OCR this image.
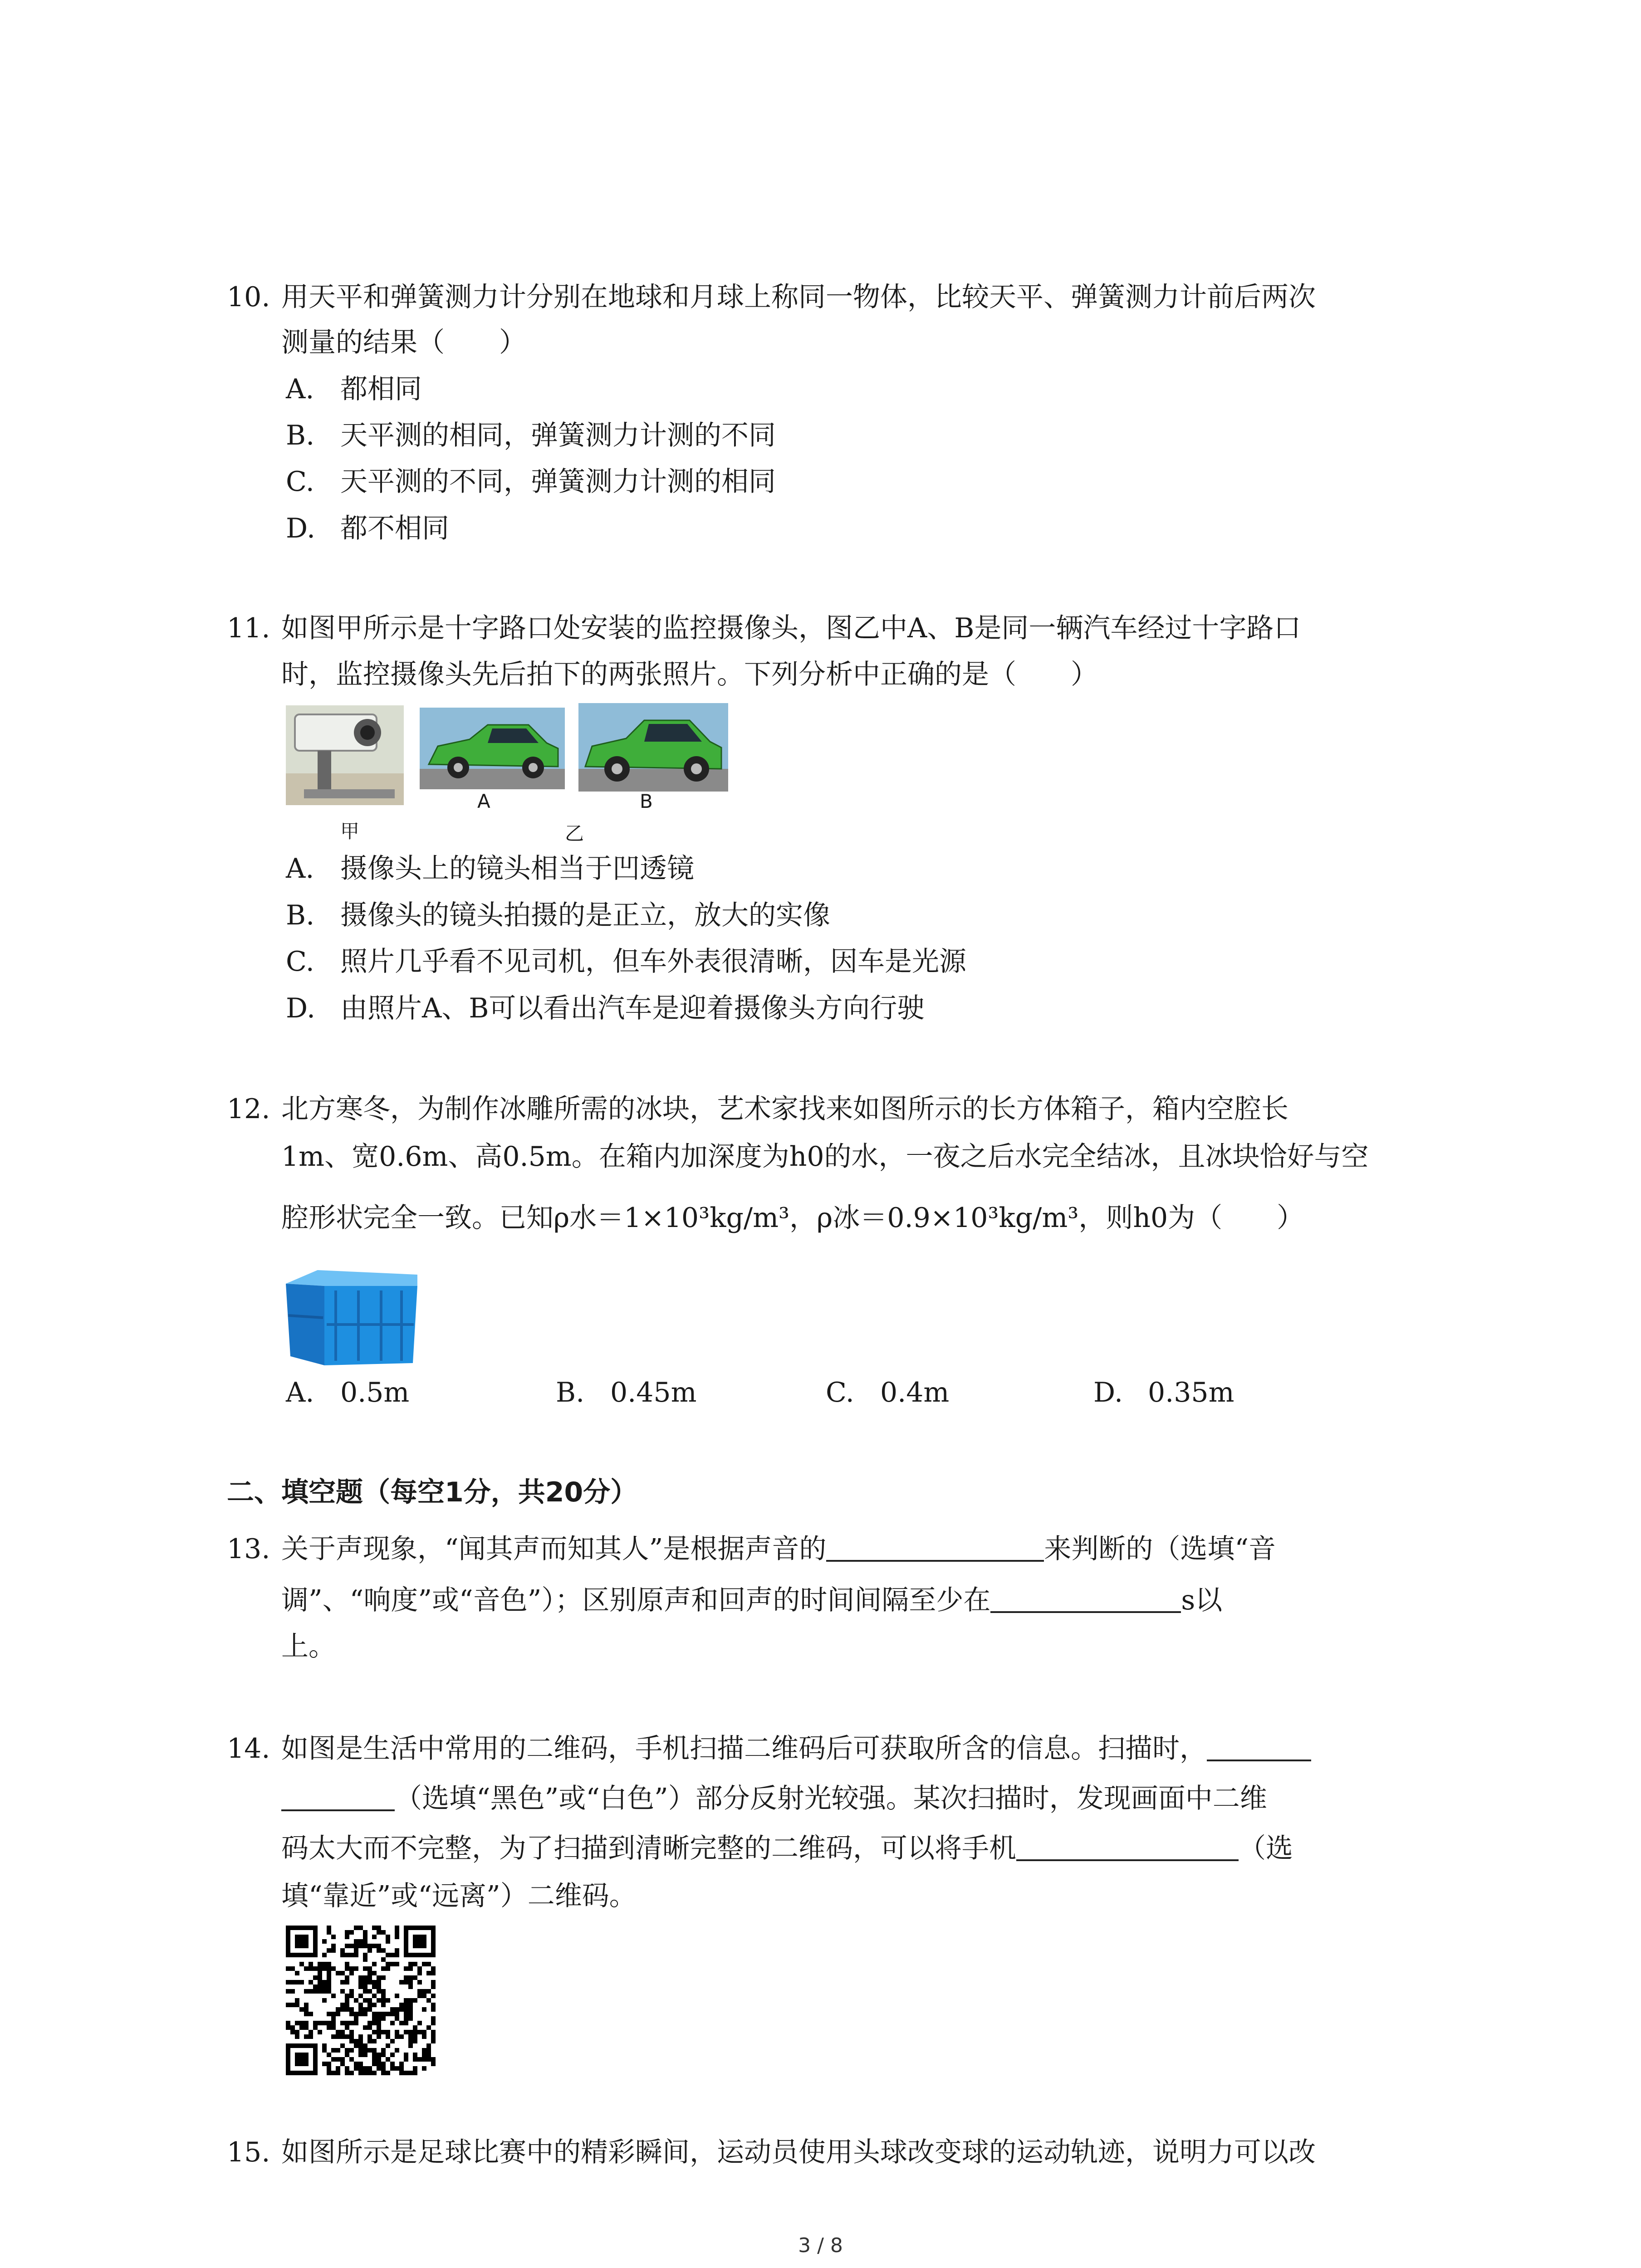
10. 用天平和弹簧测力计分别在地球和月球上称同一物体，比较天平、弹簧测力计前后两次
测量的结果（　　）
A. 都相同
B. 天平测的相同，弹簧测力计测的不同
C. 天平测的不同，弹簧测力计测的相同
D. 都不相同
11. 如图甲所示是十字路口处安装的监控摄像头，图乙中A、B是同一辆汽车经过十字路口
时，监控摄像头先后拍下的两张照片。下列分析中正确的是（　　）
A	B
甲	乙
A. 摄像头上的镜头相当于凹透镜
B. 摄像头的镜头拍摄的是正立，放大的实像
C. 照片几乎看不见司机，但车外表很清晰，因车是光源
D. 由照片A、B可以看出汽车是迎着摄像头方向行驶
12. 北方寒冬，为制作冰雕所需的冰块，艺术家找来如图所示的长方体箱子，箱内空腔长
1m、宽0.6m、高0.5m。在箱内加深度为h0的水，一夜之后水完全结冰，且冰块恰好与空
腔形状完全一致。已知ρ水＝1×10³kg/m³，ρ冰＝0.9×10³kg/m³，则h0为（　　）
A. 0.5m	B. 0.45m	C. 0.4m	D. 0.35m
二、填空题（每空1分，共20分）
13. 关于声现象，“闻其声而知其人”是根据声音的	来判断的（选填“音
调”、“响度”或“音色”）；区别原声和回声的时间间隔至少在	s以
上。
14. 如图是生活中常用的二维码，手机扫描二维码后可获取所含的信息。扫描时，
（选填“黑色”或“白色”）部分反射光较强。某次扫描时，发现画面中二维
码太大而不完整，为了扫描到清晰完整的二维码，可以将手机	（选
填“靠近”或“远离”）二维码。
15. 如图所示是足球比赛中的精彩瞬间，运动员使用头球改变球的运动轨迹，说明力可以改
3 / 8
